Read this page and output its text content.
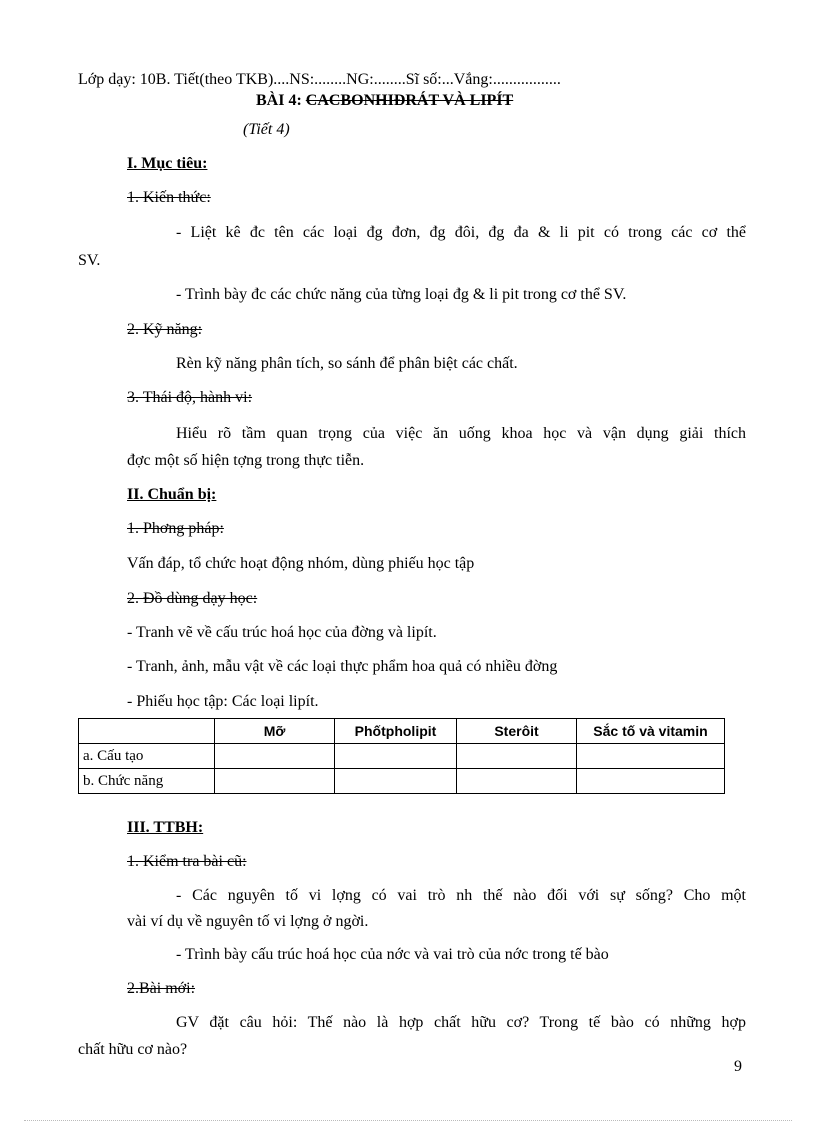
Lớp dạy: 10B. Tiết(theo TKB)....NS:........NG:........Sĩ số:...Vắng:.................
BÀI 4: CACBONHIĐRÁT VÀ LIPÍT
(Tiết 4)
I. Mục tiêu:
1. Kiến thức:
- Liệt kê đc tên các loại đg đơn, đg đôi, đg đa & li pit có trong các cơ thể
SV.
- Trình bày đc các chức năng của từng loại đg & li pit trong cơ thể SV.
2. Kỹ năng:
Rèn kỹ năng phân tích, so sánh để phân biệt các chất.
3. Thái độ, hành vi:
Hiểu rõ tầm quan trọng của việc ăn uống khoa học và vận dụng giải thích
đợc một số hiện tợng trong thực tiễn.
II. Chuẩn bị:
1. Phơng pháp:
Vấn đáp, tổ chức hoạt động nhóm, dùng phiếu học tập
2. Đồ dùng dạy học:
- Tranh vẽ về cấu trúc hoá học của đờng và lipít.
- Tranh, ảnh, mẫu vật về các loại thực phẩm hoa quả có nhiều đờng
- Phiếu học tập: Các loại lipít.
	Mỡ	Phốtpholipit	Sterôit	Sắc tố và vitamin
a. Cấu tạo				
b. Chức năng				
III. TTBH:
1. Kiểm tra bài cũ:
- Các nguyên tố vi lợng có vai trò nh thế nào đối với sự sống? Cho một
vài ví dụ về nguyên tố vi lợng ở ngời.
- Trình bày cấu trúc hoá học của nớc và vai trò của nớc trong tế bào
2.Bài mới:
GV đặt câu hỏi: Thế nào là hợp chất hữu cơ? Trong tế bào có những hợp
chất hữu cơ nào?
9
